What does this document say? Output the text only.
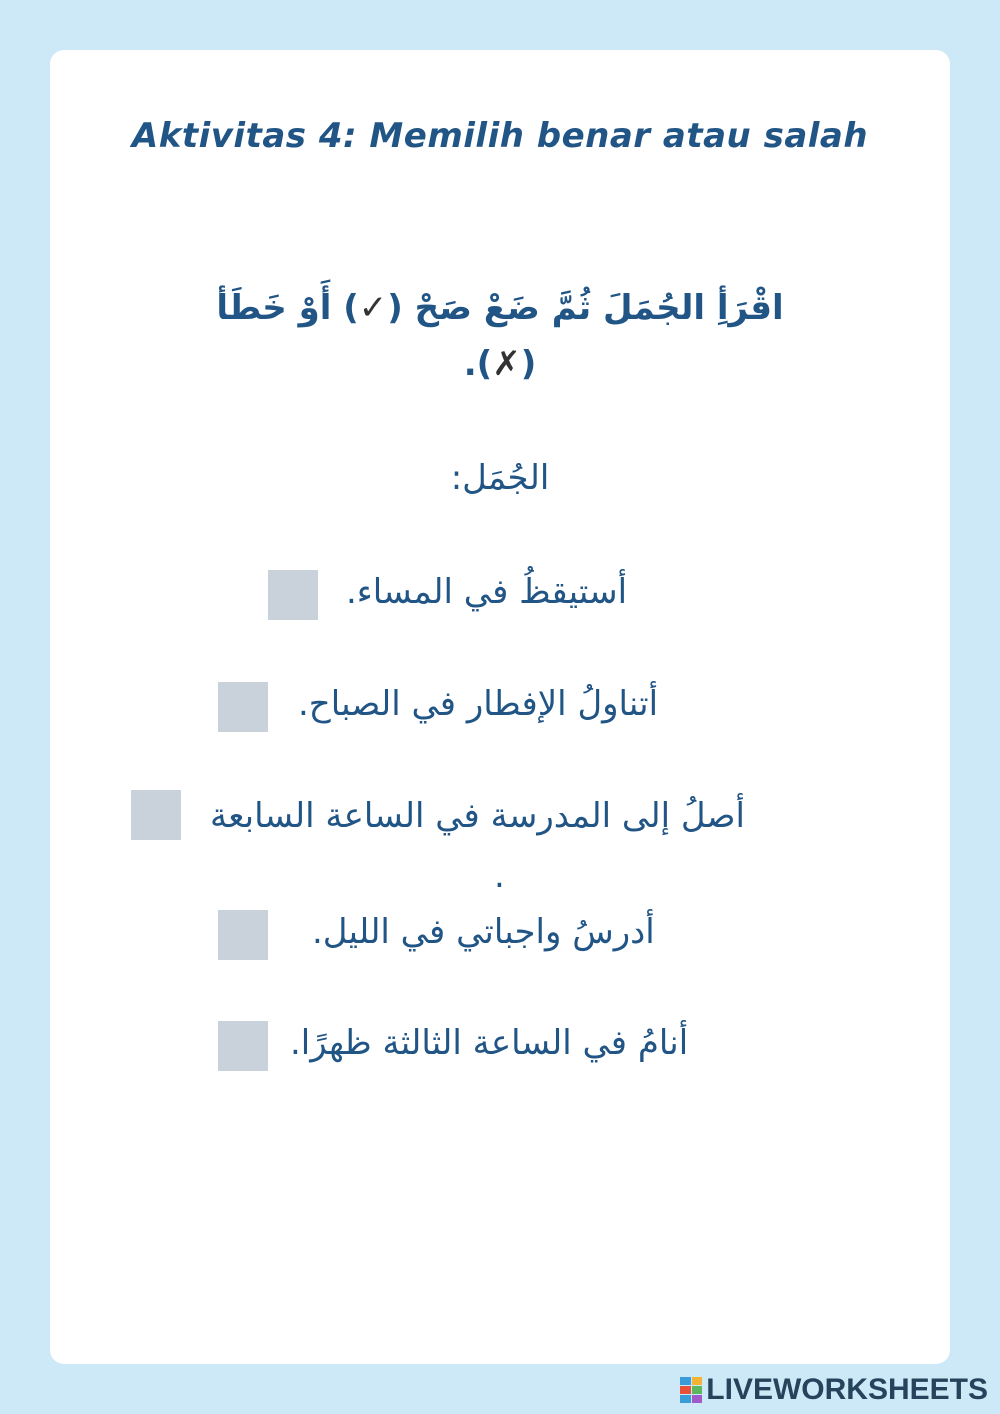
Aktivitas 4: Memilih benar atau salah
اقْرَأِ الجُمَلَ ثُمَّ ضَعْ صَحْ (✓) أَوْ خَطَأ (✗).
الجُمَل:
أستيقظُ في المساء.
أتناولُ الإفطار في الصباح.
أصلُ إلى المدرسة في الساعة السابعة
.
أدرسُ واجباتي في الليل.
أنامُ في الساعة الثالثة ظهرًا.
LIVEWORKSHEETS
